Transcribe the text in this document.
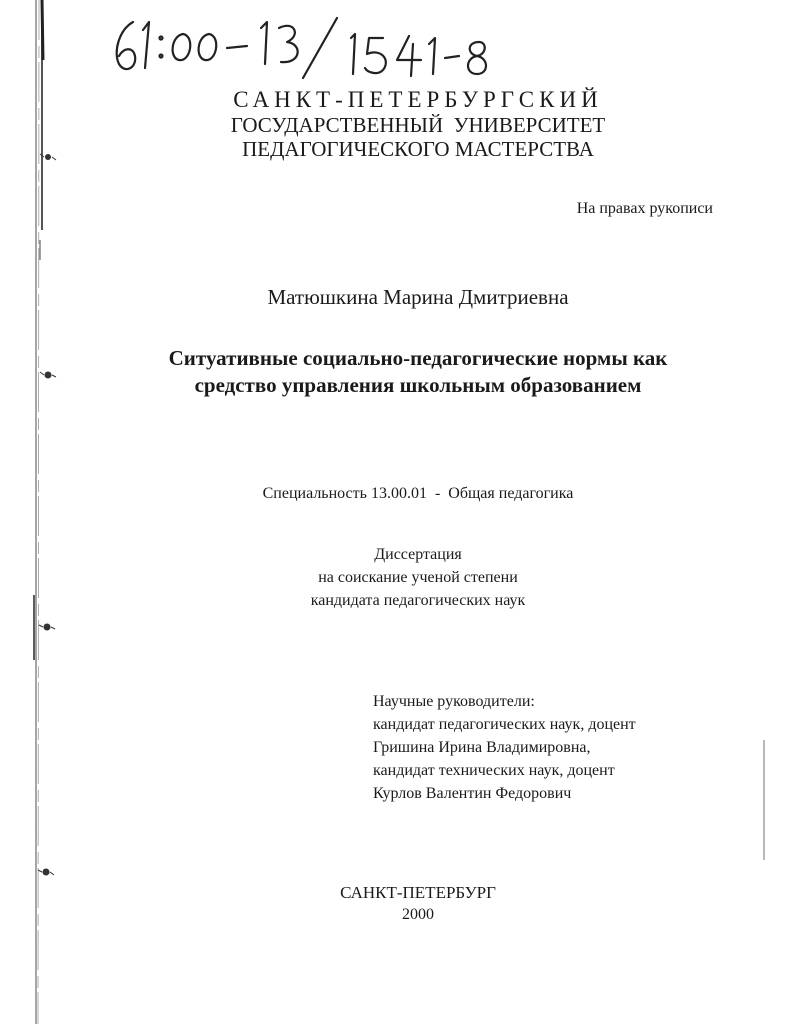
САНКТ-ПЕТЕРБУРГСКИЙ
ГОСУДАРСТВЕННЫЙ  УНИВЕРСИТЕТ
ПЕДАГОГИЧЕСКОГО МАСТЕРСТВА
На правах рукописи
Матюшкина Марина Дмитриевна
Ситуативные социально-педагогические нормы как
средство управления школьным образованием
Специальность 13.00.01  -  Общая педагогика
Диссертация
на соискание ученой степени
кандидата педагогических наук
Научные руководители:
кандидат педагогических наук, доцент
Гришина Ирина Владимировна,
кандидат технических наук, доцент
Курлов Валентин Федорович
САНКТ-ПЕТЕРБУРГ
2000
